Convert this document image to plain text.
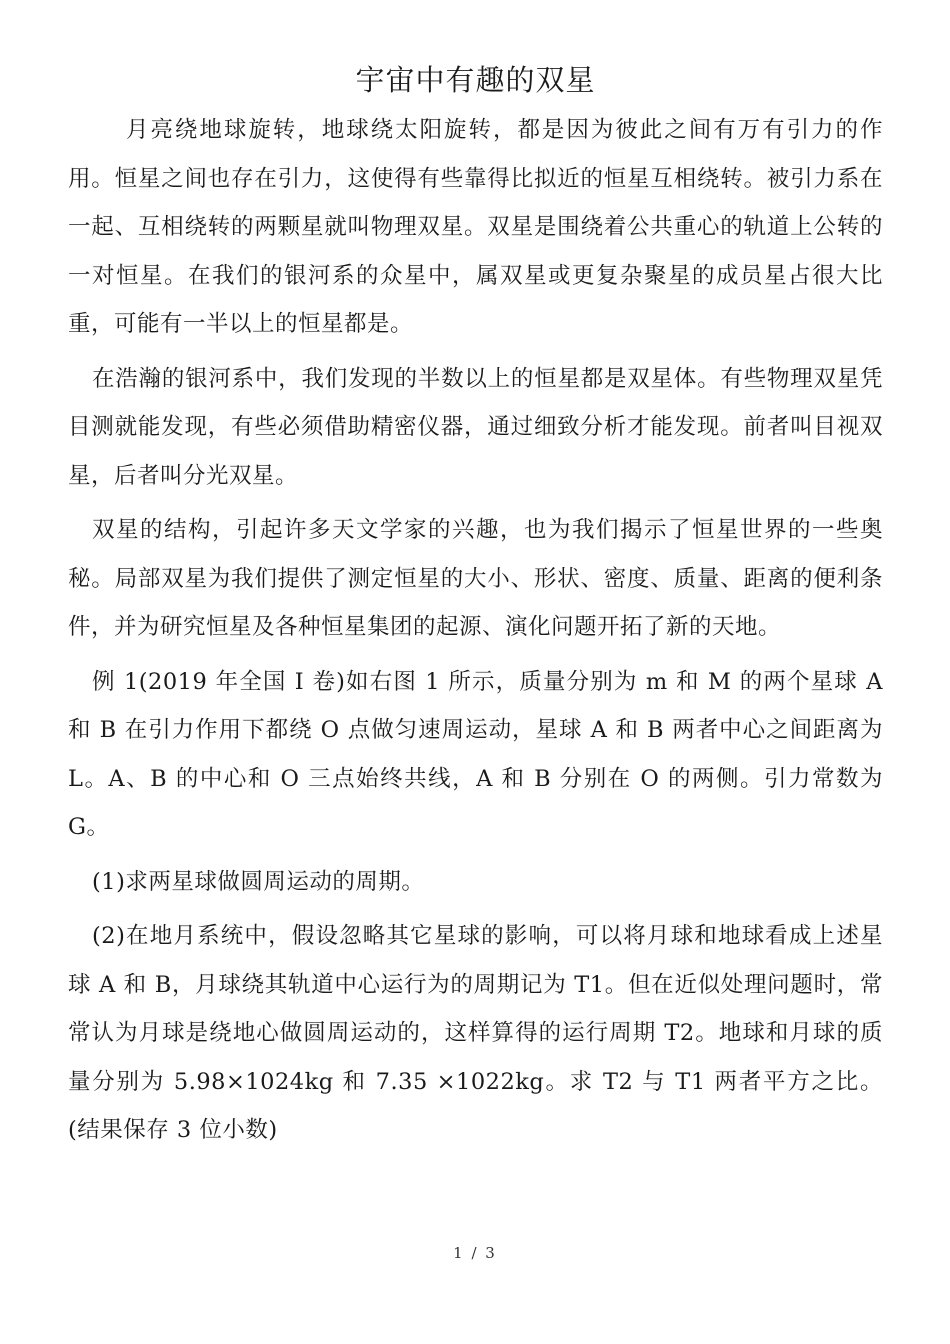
宇宙中有趣的双星

月亮绕地球旋转，地球绕太阳旋转，都是因为彼此之间有万有引力的作用。恒星之间也存在引力，这使得有些靠得比拟近的恒星互相绕转。被引力系在一起、互相绕转的两颗星就叫物理双星。双星是围绕着公共重心的轨道上公转的一对恒星。在我们的银河系的众星中，属双星或更复杂聚星的成员星占很大比重，可能有一半以上的恒星都是。

在浩瀚的银河系中，我们发现的半数以上的恒星都是双星体。有些物理双星凭目测就能发现，有些必须借助精密仪器，通过细致分析才能发现。前者叫目视双星，后者叫分光双星。

双星的结构，引起许多天文学家的兴趣，也为我们揭示了恒星世界的一些奥秘。局部双星为我们提供了测定恒星的大小、形状、密度、质量、距离的便利条件，并为研究恒星及各种恒星集团的起源、演化问题开拓了新的天地。

例 1(2019 年全国 I 卷)如右图 1 所示，质量分别为 m 和 M 的两个星球 A 和 B 在引力作用下都绕 O 点做匀速周运动，星球 A 和 B 两者中心之间距离为 L。A、B 的中心和 O 三点始终共线，A 和 B 分别在 O 的两侧。引力常数为 G。

(1)求两星球做圆周运动的周期。

(2)在地月系统中，假设忽略其它星球的影响，可以将月球和地球看成上述星球 A 和 B，月球绕其轨道中心运行为的周期记为 T1。但在近似处理问题时，常常认为月球是绕地心做圆周运动的，这样算得的运行周期 T2。地球和月球的质量分别为 5.98×1024kg 和 7.35 ×1022kg。求 T2 与 T1 两者平方之比。(结果保存 3 位小数)

1 / 3
